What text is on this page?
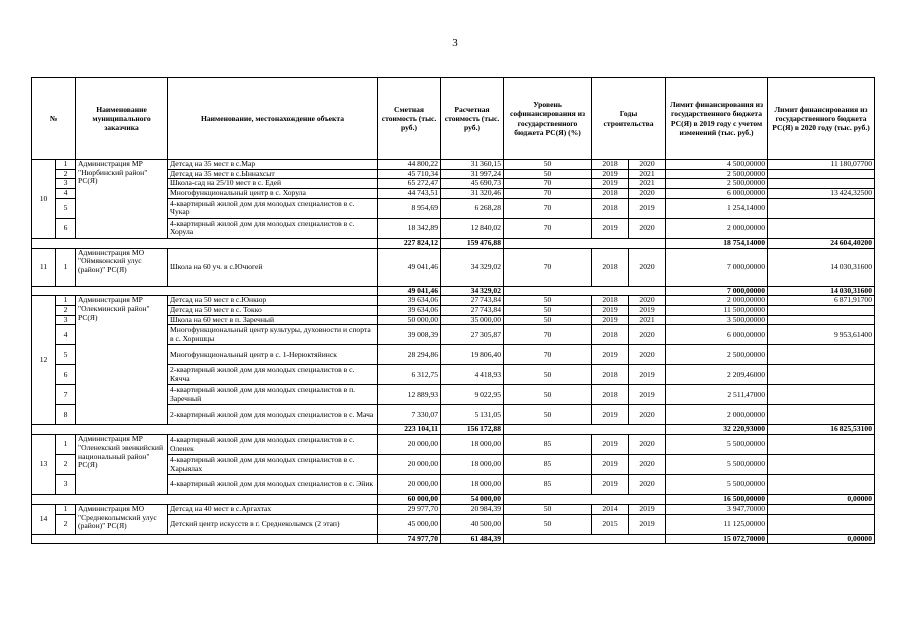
3
№		Наименование муниципального заказчика	Наименование, местонахождение объекта	Сметная стоимость (тыс. руб.)	Расчетная стоимость (тыс. руб.)	Уровень софинансирования из государственного бюджета РС(Я) (%)	Годы строительства		Лимит финансирования из государственного бюджета РС(Я) в 2019 году с учетом изменений (тыс. руб.)	Лимит финансирования из государственного бюджета РС(Я) в 2020 году (тыс. руб.)
10	1	Администрация МР "Нюрбинский район" РС(Я)	Детсад на 35 мест в с.Мар	44 800,22	31 360,15	50	2018	2020	4 500,00000	11 180,07700
	2		Детсад на 35 мест в с.Ыннахсыт	45 710,34	31 997,24	50	2019	2021	2 500,00000	
	3		Школа-сад на 25/10 мест в с. Едей	65 272,47	45 690,73	70	2019	2021	2 500,00000	
	4		Многофункциональный центр в с. Хорула	44 743,51	31 320,46	70	2018	2020	6 000,00000	13 424,32500
	5		4-квартирный жилой дом для молодых специалистов в с. Чукар	8 954,69	6 268,28	70	2018	2019	1 254,14000	
	6		4-квартирный жилой дом для молодых специалистов в с. Хорула	18 342,89	12 840,02	70	2019	2020	2 000,00000	
				227 824,12	159 476,88				18 754,14000	24 604,40200
11	1	Администрация МО "Оймяконский улус (район)" РС(Я)	Школа на 60 уч. в с.Ючюгей	49 041,46	34 329,02	70	2018	2020	7 000,00000	14 030,31600
				49 041,46	34 329,02				7 000,00000	14 030,31600
12	1	Администрация МР "Олекминский район" РС(Я)	Детсад на 50 мест в с.Юнкюр	39 634,06	27 743,84	50	2018	2020	2 000,00000	6 871,91700
	2		Детсад на 50 мест в с. Токко	39 634,06	27 743,84	50	2019	2019	11 500,00000	
	3		Школа на 60 мест в п. Заречный	50 000,00	35 000,00	50	2019	2021	3 500,00000	
	4		Многофункциональный центр культуры, духовности и спорта в с. Хоришцы	39 008,39	27 305,87	70	2018	2020	6 000,00000	9 953,61400
	5		Многофункциональный центр в с. 1-Нерюктяйинск	28 294,86	19 806,40	70	2019	2020	2 500,00000	
	6		2-квартирный жилой дом для молодых специалистов в с. Кячча	6 312,75	4 418,93	50	2018	2019	2 209,46000	
	7		4-квартирный жилой дом для молодых специалистов в п. Заречный	12 889,93	9 022,95	50	2018	2019	2 511,47000	
	8		2-квартирный жилой дом для молодых специалистов в с. Мача	7 330,07	5 131,05	50	2019	2020	2 000,00000	
				223 104,11	156 172,88				32 220,93000	16 825,53100
13	1	Администрация МР "Оленекский эвенкийский национальный район" РС(Я)	4-квартирный жилой дом для молодых специалистов в с. Оленек	20 000,00	18 000,00	85	2019	2020	5 500,00000	
	2		4-квартирный жилой дом для молодых специалистов в с. Харыялах	20 000,00	18 000,00	85	2019	2020	5 500,00000	
	3		4-квартирный жилой дом для молодых специалистов в с. Эйик	20 000,00	18 000,00	85	2019	2020	5 500,00000	
				60 000,00	54 000,00				16 500,00000	0,00000
14	1	Администрация МО "Среднеколымский улус (район)" РС(Я)	Детсад на 40 мест в с.Аргахтах	29 977,70	20 984,39	50	2014	2019	3 947,70000	
	2		Детский центр искусств в г. Среднеколымск (2 этап)	45 000,00	40 500,00	50	2015	2019	11 125,00000	
				74 977,70	61 484,39				15 072,70000	0,00000
